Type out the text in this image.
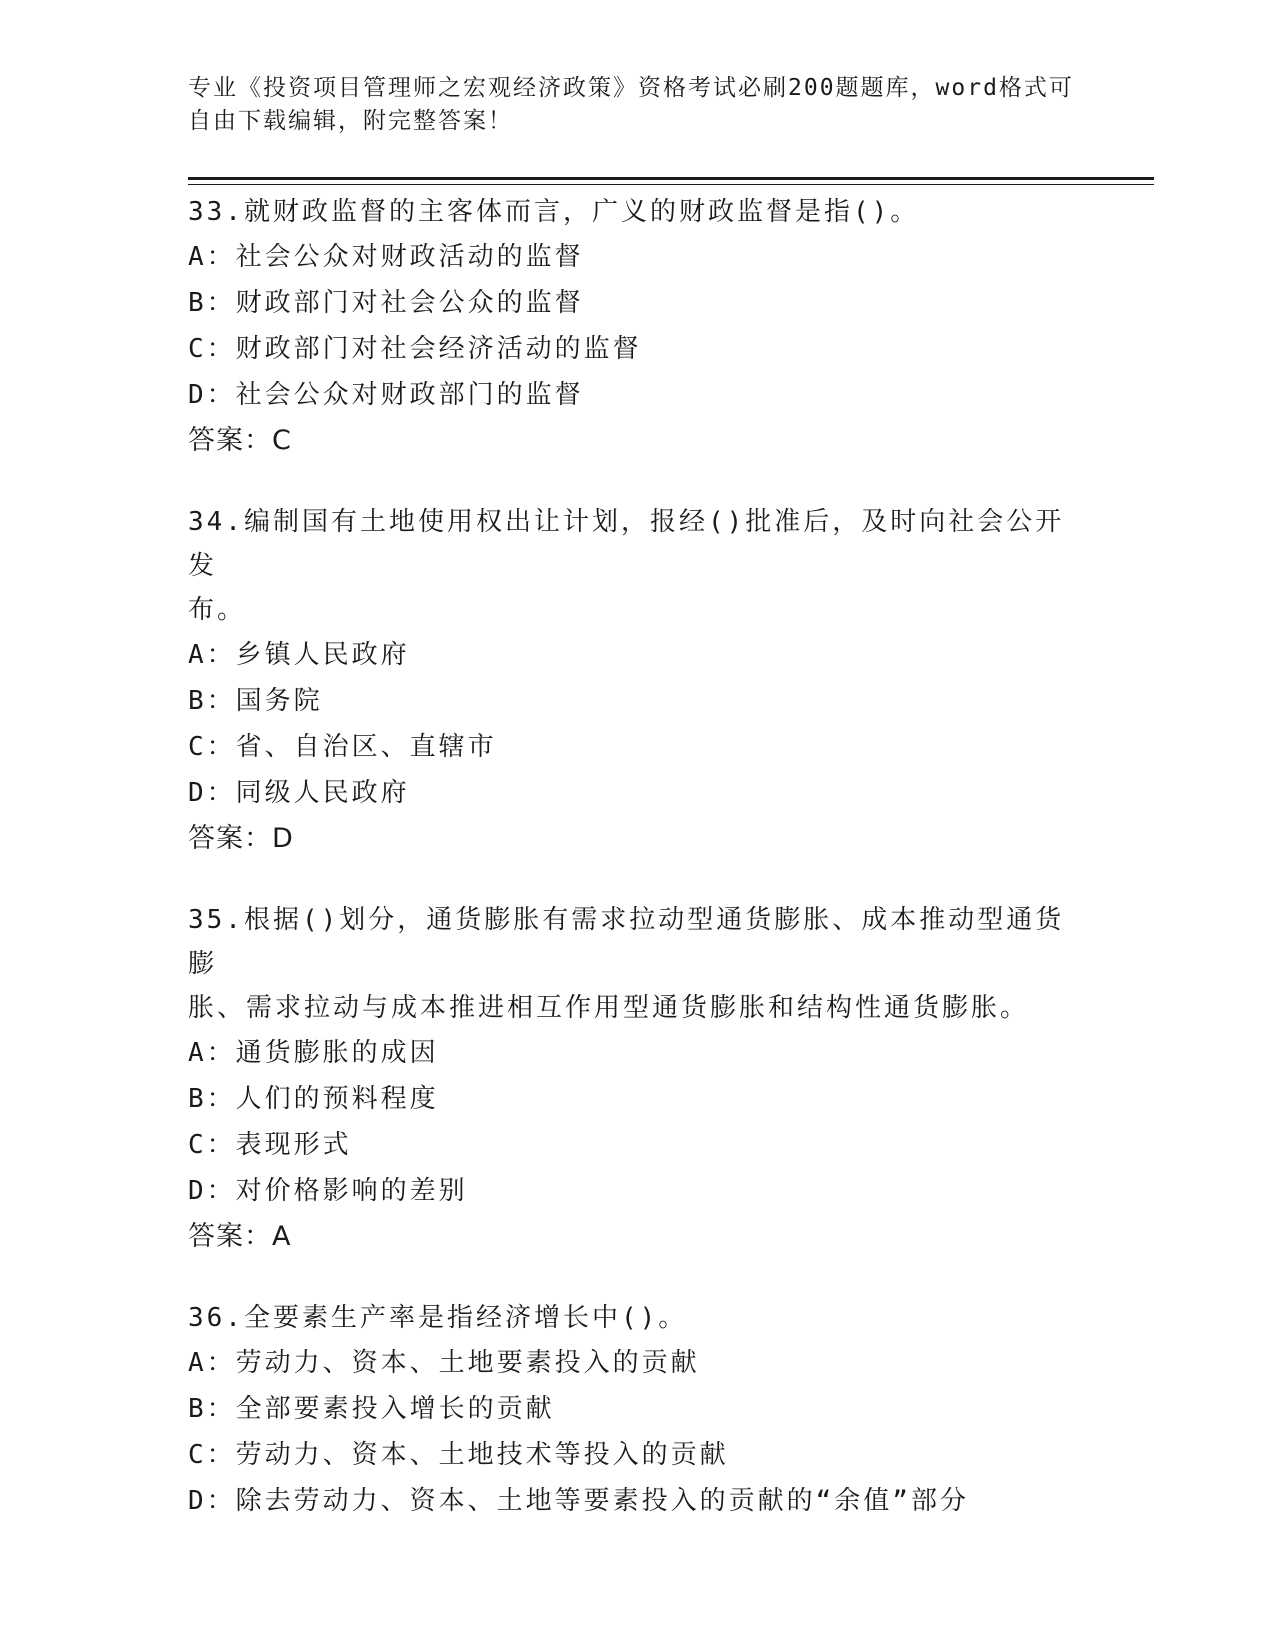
专业《投资项目管理师之宏观经济政策》资格考试必刷200题题库，word格式可
自由下载编辑，附完整答案！
33.就财政监督的主客体而言，广义的财政监督是指()。
A：社会公众对财政活动的监督
B：财政部门对社会公众的监督
C：财政部门对社会经济活动的监督
D：社会公众对财政部门的监督
答案：C
34.编制国有土地使用权出让计划，报经()批准后，及时向社会公开发
布。
A：乡镇人民政府
B：国务院
C：省、自治区、直辖市
D：同级人民政府
答案：D
35.根据()划分，通货膨胀有需求拉动型通货膨胀、成本推动型通货膨
胀、需求拉动与成本推进相互作用型通货膨胀和结构性通货膨胀。
A：通货膨胀的成因
B：人们的预料程度
C：表现形式
D：对价格影响的差别
答案：A
36.全要素生产率是指经济增长中()。
A：劳动力、资本、土地要素投入的贡献
B：全部要素投入增长的贡献
C：劳动力、资本、土地技术等投入的贡献
D：除去劳动力、资本、土地等要素投入的贡献的“余值”部分
